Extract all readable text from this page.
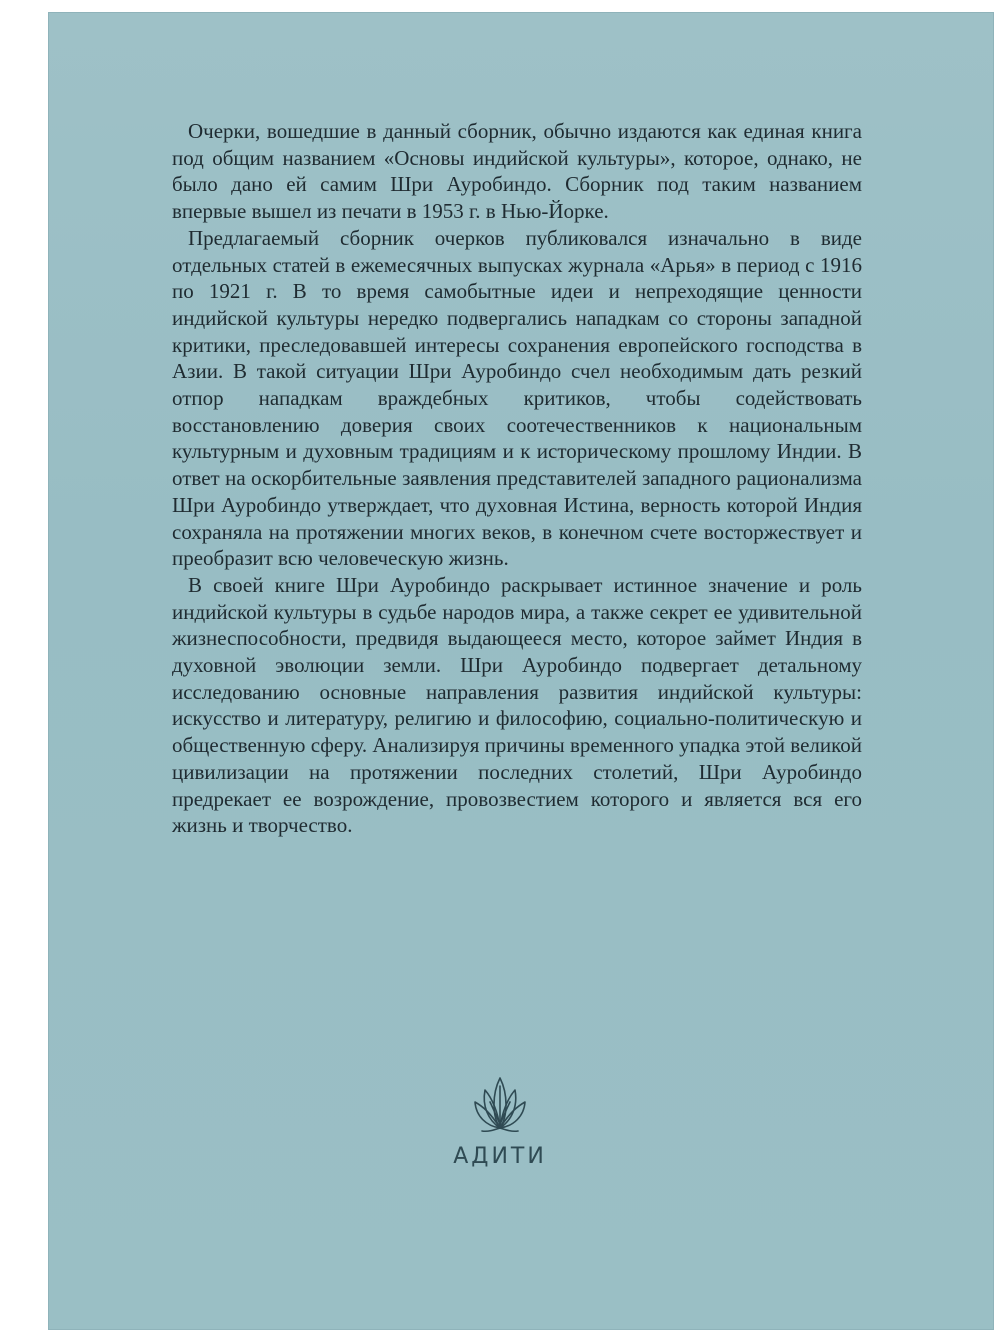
Очерки, вошедшие в данный сборник, обычно издаются как единая книга под общим названием «Основы индийской культуры», которое, однако, не было дано ей самим Шри Ауробиндо. Сборник под таким названием впервые вышел из печати в 1953 г. в Нью-Йорке.

Предлагаемый сборник очерков публиковался изначально в виде отдельных статей в ежемесячных выпусках журнала «Арья» в период с 1916 по 1921 г. В то время самобытные идеи и непреходящие ценности индийской культуры нередко подвергались нападкам со стороны западной критики, преследовавшей интересы сохранения европейского господства в Азии. В такой ситуации Шри Ауробиндо счел необходимым дать резкий отпор нападкам враждебных критиков, чтобы содействовать восстановлению доверия своих соотечественников к национальным культурным и духовным традициям и к историческому прошлому Индии. В ответ на оскорбительные заявления представителей западного рационализма Шри Ауробиндо утверждает, что духовная Истина, верность которой Индия сохраняла на протяжении многих веков, в конечном счете восторжествует и преобразит всю человеческую жизнь.

В своей книге Шри Ауробиндо раскрывает истинное значение и роль индийской культуры в судьбе народов мира, а также секрет ее удивительной жизнеспособности, предвидя выдающееся место, которое займет Индия в духовной эволюции земли. Шри Ауробиндо подвергает детальному исследованию основные направления развития индийской культуры: искусство и литературу, религию и философию, социально-политическую и общественную сферу. Анализируя причины временного упадка этой великой цивилизации на протяжении последних столетий, Шри Ауробиндо предрекает ее возрождение, провозвестием которого и является вся его жизнь и творчество.

АДИТИ
